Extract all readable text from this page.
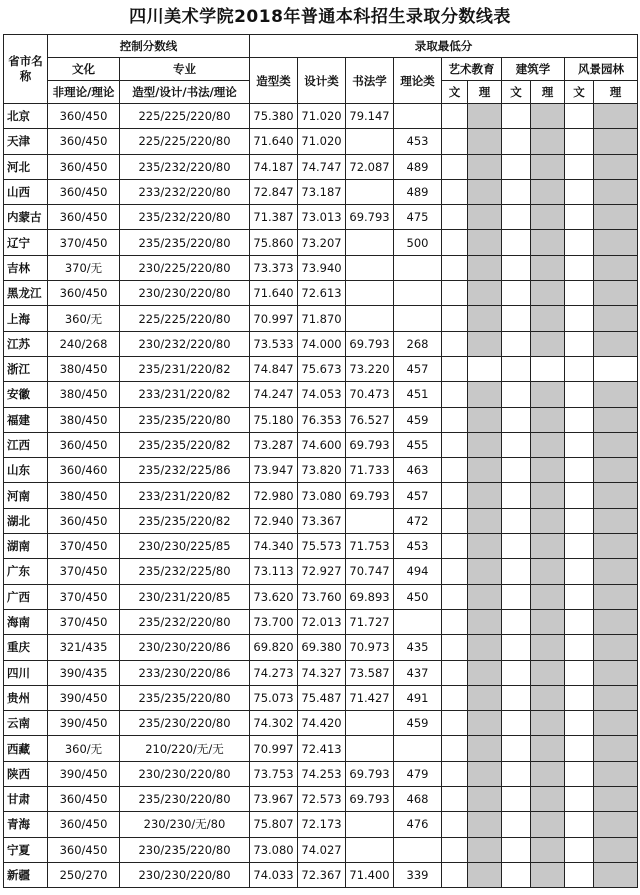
四川美术学院2018年普通本科招生录取分数线表
省市名称	控制分数线		录取最低分									
	文化	专业	造型类	设计类	书法学	理论类	艺术教育		建筑学		风景园林	
	非理论/理论	造型/设计/书法/理论					文	理	文	理	文	理
北京	360/450	225/225/220/80	75.380	71.020	79.147							
天津	360/450	225/225/220/80	71.640	71.020		453						
河北	360/450	235/232/220/80	74.187	74.747	72.087	489						
山西	360/450	233/232/220/80	72.847	73.187		489						
内蒙古	360/450	235/232/220/80	71.387	73.013	69.793	475						
辽宁	370/450	235/235/220/80	75.860	73.207		500						
吉林	370/无	230/225/220/80	73.373	73.940								
黑龙江	360/450	230/230/220/80	71.640	72.613								
上海	360/无	225/225/220/80	70.997	71.870								
江苏	240/268	230/232/220/80	73.533	74.000	69.793	268						
浙江	380/450	235/231/220/82	74.847	75.673	73.220	457						
安徽	380/450	233/231/220/82	74.247	74.053	70.473	451						
福建	380/450	235/235/220/80	75.180	76.353	76.527	459						
江西	360/450	235/235/220/82	73.287	74.600	69.793	455						
山东	360/460	235/232/225/86	73.947	73.820	71.733	463						
河南	380/450	233/231/220/82	72.980	73.080	69.793	457						
湖北	360/450	235/235/220/82	72.940	73.367		472						
湖南	370/450	230/230/225/85	74.340	75.573	71.753	453						
广东	370/450	235/232/225/80	73.113	72.927	70.747	494						
广西	370/450	230/231/220/85	73.620	73.760	69.893	450						
海南	370/450	235/232/220/80	73.700	72.013	71.727							
重庆	321/435	230/230/220/86	69.820	69.380	70.973	435						
四川	390/435	233/230/220/86	74.273	74.327	73.587	437						
贵州	390/450	235/235/220/80	75.073	75.487	71.427	491						
云南	390/450	235/230/220/80	74.302	74.420		459						
西藏	360/无	210/220/无/无	70.997	72.413								
陕西	390/450	230/230/220/80	73.753	74.253	69.793	479						
甘肃	360/450	235/230/220/80	73.967	72.573	69.793	468						
青海	360/450	230/230/无/80	75.807	72.173		476						
宁夏	360/450	230/235/220/80	73.080	74.027								
新疆	250/270	230/230/220/80	74.033	72.367	71.400	339						
